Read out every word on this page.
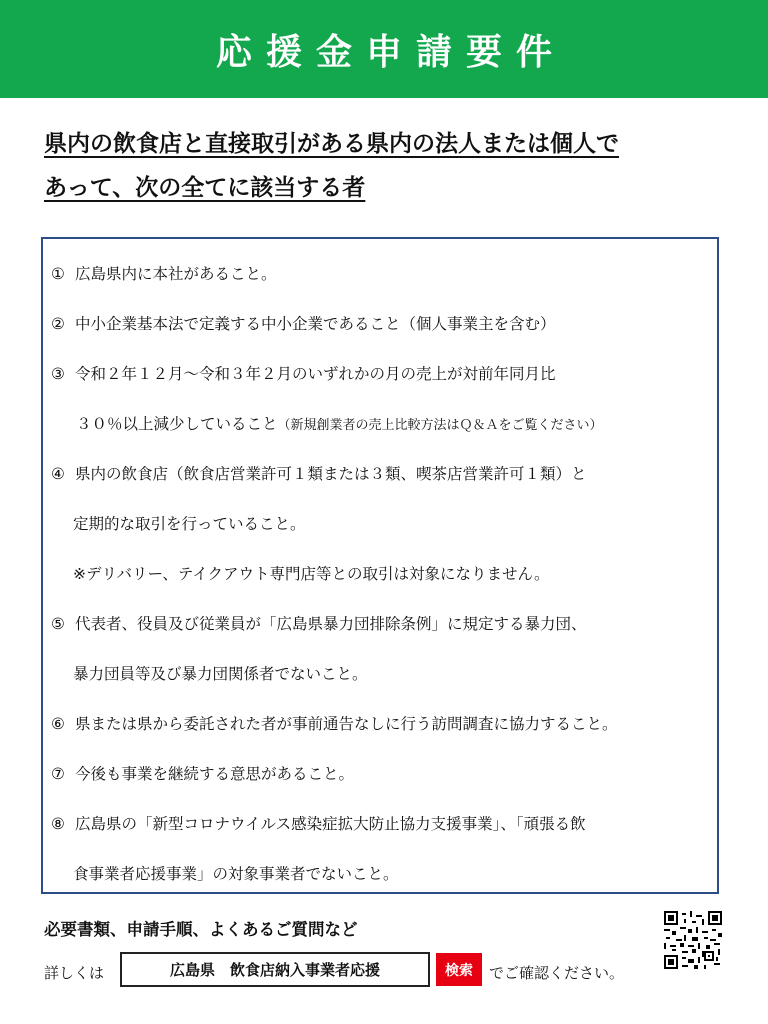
応援金申請要件
県内の飲食店と直接取引がある県内の法人または個人で
あって、次の全てに該当する者
① 広島県内に本社があること。
② 中小企業基本法で定義する中小企業であること（個人事業主を含む）
③ 令和２年１２月～令和３年２月のいずれかの月の売上が対前年同月比
３０％以上減少していること（新規創業者の売上比較方法はＱ＆Ａをご覧ください）
④ 県内の飲食店（飲食店営業許可１類または３類、喫茶店営業許可１類）と
定期的な取引を行っていること。
※デリバリー、テイクアウト専門店等との取引は対象になりません。
⑤ 代表者、役員及び従業員が「広島県暴力団排除条例」に規定する暴力団、
暴力団員等及び暴力団関係者でないこと。
⑥ 県または県から委託された者が事前通告なしに行う訪問調査に協力すること。
⑦ 今後も事業を継続する意思があること。
⑧ 広島県の「新型コロナウイルス感染症拡大防止協力支援事業」、「頑張る飲
食事業者応援事業」の対象事業者でないこと。
必要書類、申請手順、よくあるご質問など
詳しくは	広島県　飲食店納入事業者応援	検索	でご確認ください。
